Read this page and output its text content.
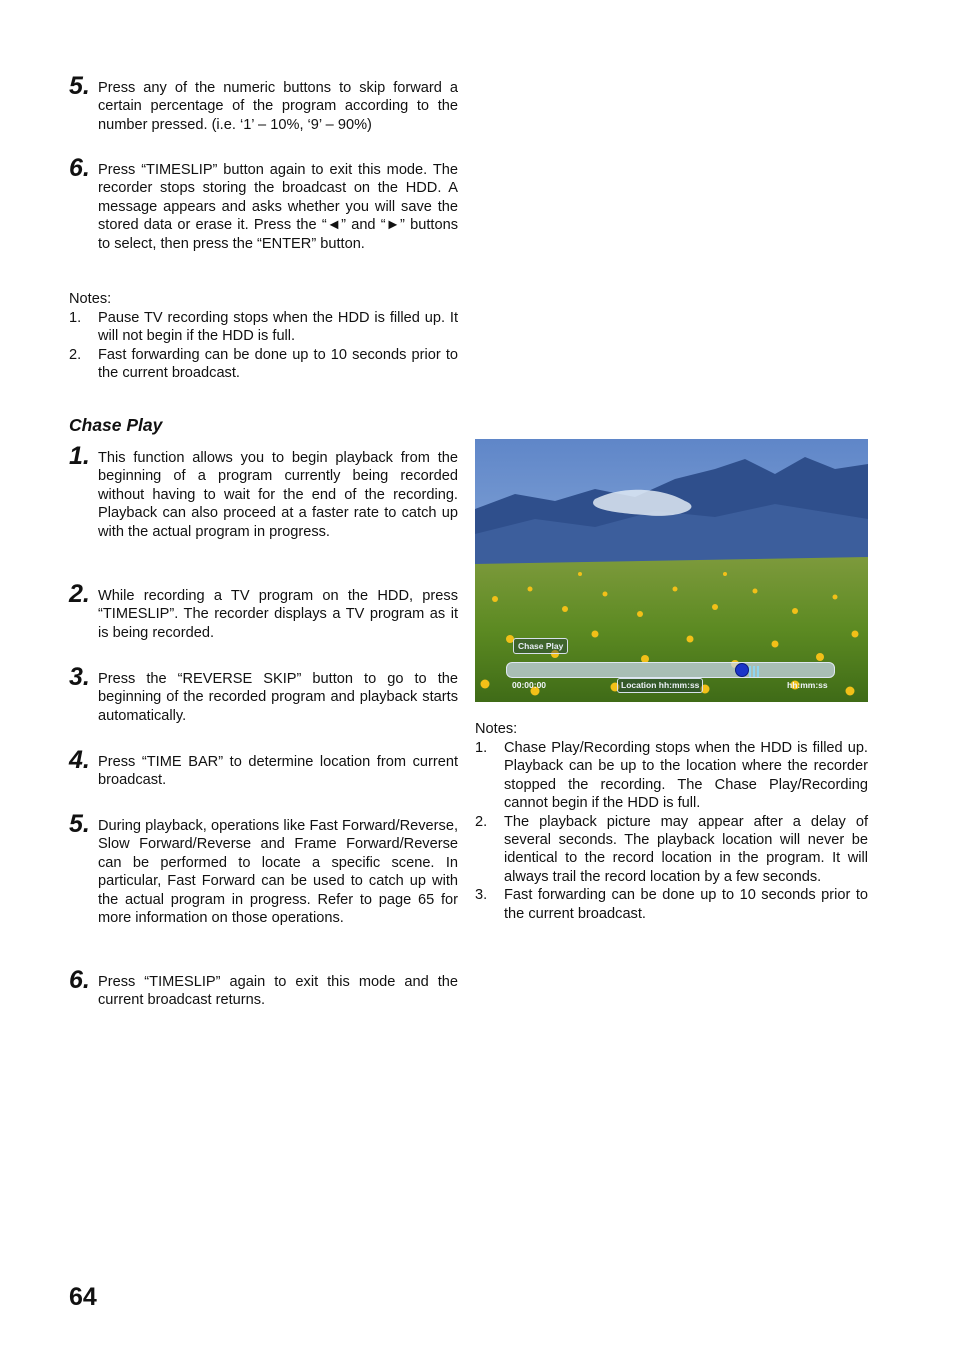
5. Press any of the numeric buttons to skip forward a certain percentage of the program according to the number pressed. (i.e. ‘1’ – 10%, ‘9’ – 90%)
6. Press “TIMESLIP” button again to exit this mode. The recorder stops storing the broadcast on the HDD. A message appears and asks whether you will save the stored data or erase it. Press the “◄” and “►” buttons to select, then press the “ENTER” button.
Notes:
1. Pause TV recording stops when the HDD is filled up. It will not begin if the HDD is full.
2. Fast forwarding can be done up to 10 seconds prior to the current broadcast.
Chase Play
1. This function allows you to begin playback from the beginning of a program currently being recorded without having to wait for the end of the recording. Playback can also proceed at a faster rate to catch up with the actual program in progress.
2. While recording a TV program on the HDD, press “TIMESLIP”. The recorder displays a TV program as it is being recorded.
3. Press the “REVERSE SKIP” button to go to the beginning of the recorded program and playback starts automatically.
4. Press “TIME BAR” to determine location from current broadcast.
5. During playback, operations like Fast Forward/Reverse, Slow Forward/Reverse and Frame Forward/Reverse can be performed to locate a specific scene. In particular, Fast Forward can be used to catch up with the actual program in progress. Refer to page 65 for more information on those operations.
6. Press “TIMESLIP” again to exit this mode and the current broadcast returns.
Chase Play
00:00:00	Location hh:mm:ss	hh:mm:ss
Notes:
1. Chase Play/Recording stops when the HDD is filled up. Playback can be up to the location where the recorder stopped the recording. The Chase Play/Recording cannot begin if the HDD is full.
2. The playback picture may appear after a delay of several seconds. The playback location will never be identical to the record location in the program. It will always trail the record location by a few seconds.
3. Fast forwarding can be done up to 10 seconds prior to the current broadcast.
64
